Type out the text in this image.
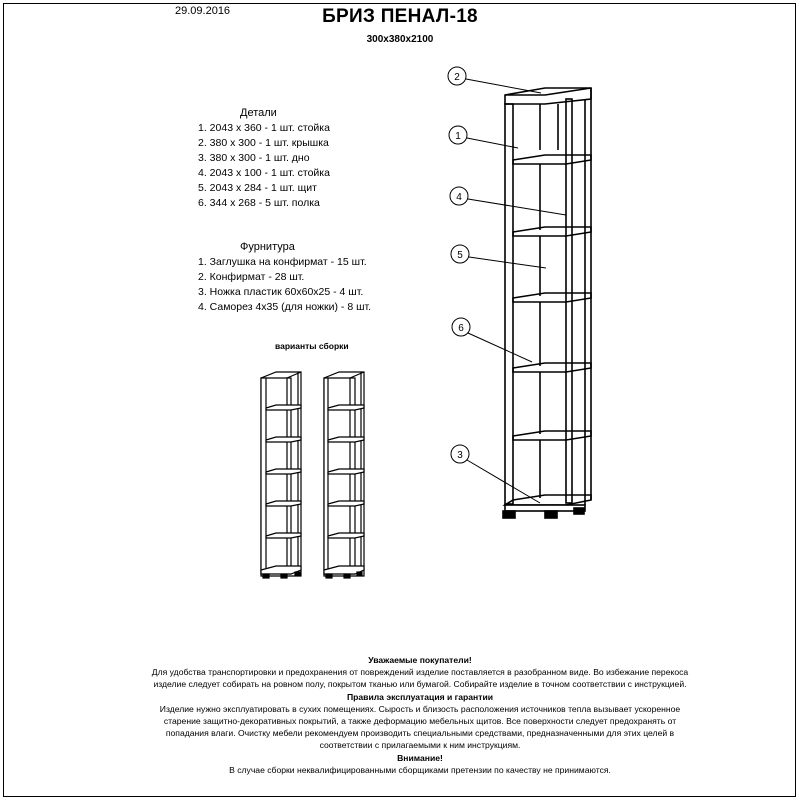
29.09.2016	БРИЗ ПЕНАЛ-18
300х380х2100
Детали
1. 2043 х 360 - 1 шт. стойка
2. 380 х 300 - 1 шт. крышка
3. 380 х 300 - 1 шт. дно
4. 2043 х 100 - 1 шт. стойка
5. 2043 х 284 - 1 шт. щит
6. 344 х 268 - 5 шт. полка
Фурнитура
1. Заглушка на конфирмат - 15 шт.
2. Конфирмат - 28 шт.
3. Ножка пластик 60х60х25 - 4 шт.
4. Саморез 4х35 (для ножки) - 8 шт.
варианты сборки
2
1
4
5
6
3

Уважаемые покупатели!

Для удобства транспортировки и предохранения от повреждений изделие поставляется в разобранном виде. Во избежание перекоса изделие следует собирать на ровном полу, покрытом тканью или бумагой. Собирайте изделие в точном соответствии с инструкцией.

Правила эксплуатация и гарантии

Изделие нужно эксплуатировать в сухих помещениях. Сырость и близость расположения источников тепла вызывает ускоренное старение защитно-декоративных покрытий, а также деформацию мебельных щитов. Все поверхности следует предохранять от попадания влаги. Очистку мебели рекомендуем производить специальными средствами, предназначенными для этих целей в соответствии с прилагаемыми к ним инструкциям.

Внимание!

В случае сборки неквалифицированными сборщиками претензии по качеству не принимаются.
